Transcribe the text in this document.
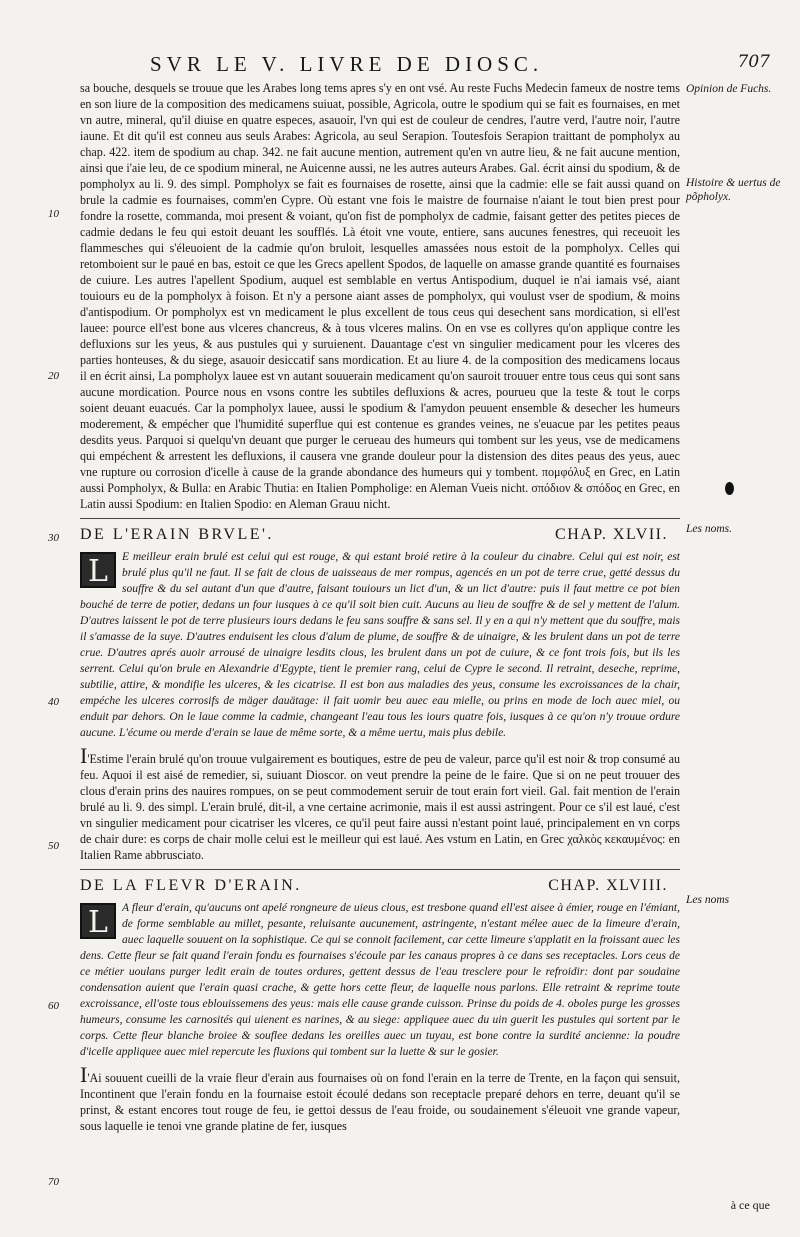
SVR LE V. LIVRE DE DIOSC.	707

sa bouche, desquels se trouue que les Arabes long tems apres s'y en ont vsé. Au reste Fuchs Medecin fameux de nostre tems en son liure de la composition des medicamens suiuat, possible, Agricola, outre le spodium qui se fait es fournaises, en met vn autre, mineral, qu'il diuise en quatre especes, asauoir, l'vn qui est de couleur de cendres, l'autre verd, l'autre noir, l'autre iaune. Et dit qu'il est conneu aus seuls Arabes: Agricola, au seul Serapion. Toutesfois Serapion traittant de pompholyx au chap. 422. item de spodium au chap. 342. ne fait aucune mention, autrement qu'en vn autre lieu, & ne fait aucune mention, ainsi que i'aie leu, de ce spodium mineral, ne Auicenne aussi, ne les autres auteurs Arabes. Gal. écrit ainsi du spodium, & de pompholyx au li. 9. des simpl. Pompholyx se fait es fournaises de rosette, ainsi que la cadmie: elle se fait aussi quand on brule la cadmie es fournaises, comm'en Cypre. Où estant vne fois le maistre de fournaise n'aiant le tout bien prest pour fondre la rosette, commanda, moi present & voiant, qu'on fist de pompholyx de cadmie, faisant getter des petites pieces de cadmie dedans le feu qui estoit deuant les soufflés. Là étoit vne voute, entiere, sans aucunes fenestres, qui receuoit les flammesches qui s'éleuoient de la cadmie qu'on bruloit, lesquelles amassées nous estoit de la pompholyx. Celles qui retomboient sur le paué en bas, estoit ce que les Grecs apellent Spodos, de laquelle on amasse grande quantité es fournaises de cuiure. Les autres l'apellent Spodium, auquel est semblable en vertus Antispodium, duquel ie n'ai iamais vsé, aiant touiours eu de la pompholyx à foison. Et n'y a persone aiant asses de pompholyx, qui voulust vser de spodium, & moins d'antispodium. Or pompholyx est vn medicament le plus excellent de tous ceus qui desechent sans mordication, si ell'est lauee: pource ell'est bone aus vlceres chancreus, & à tous vlceres malins. On en vse es collyres qu'on applique contre les defluxions sur les yeus, & aus pustules qui y suruienent. Dauantage c'est vn singulier medicament pour les vlceres des parties honteuses, & du siege, asauoir desiccatif sans mordication. Et au liure 4. de la composition des medicamens locaus il en écrit ainsi, La pompholyx lauee est vn autant souuerain medicament qu'on sauroit trouuer entre tous ceus qui sont sans aucune mordication. Pource nous en vsons contre les subtiles defluxions & acres, pourueu que la teste & tout le corps soient deuant euacués. Car la pompholyx lauee, aussi le spodium & l'amydon peuuent ensemble & desecher les humeurs moderement, & empécher que l'humidité superflue qui est contenue es grandes veines, ne s'euacue par les petites peaus desdits yeus. Parquoi si quelqu'vn deuant que purger le cerueau des humeurs qui tombent sur les yeus, vse de medicamens qui empéchent & arrestent les defluxions, il causera vne grande douleur pour la distension des dites peaus des yeus, auec vne rupture ou corrosion d'icelle à cause de la grande abondance des humeurs qui y tombent. πομφόλυξ en Grec, en Latin aussi Pompholyx, & Bulla: en Arabic Thutia: en Italien Pompholige: en Aleman Vueis nicht. σπόδιον & σπόδος en Grec, en Latin aussi Spodium: en Italien Spodio: en Aleman Grauu nicht.

DE L'ERAIN BRVLE'.	CHAP. XLVII.
L	E meilleur erain brulé est celui qui est rouge, & qui estant broié retire à la couleur du cinabre. Celui qui est noir, est brulé plus qu'il ne faut. Il se fait de clous de uaisseaus de mer rompus, agencés en un pot de terre crue, getté dessus du souffre & du sel autant d'un que d'autre, faisant touiours un lict d'un, & un lict d'autre: puis il faut mettre ce pot bien bouché de terre de potier, dedans un four iusques à ce qu'il soit bien cuit. Aucuns au lieu de souffre & de sel y mettent de l'alum. D'autres laissent le pot de terre plusieurs iours dedans le feu sans souffre & sans sel. Il y en a qui n'y mettent que du souffre, mais il s'amasse de la suye. D'autres enduisent les clous d'alum de plume, de souffre & de uinaigre, & les brulent dans un pot de terre crue. D'autres aprés auoir arrousé de uinaigre lesdits clous, les brulent dans un pot de cuiure, & ce font trois fois, but ils les serrent. Celui qu'on brule en Alexandrie d'Egypte, tient le premier rang, celui de Cypre le second. Il retraint, deseche, reprime, subtilie, attire, & mondifie les ulceres, & les cicatrise. Il est bon aus maladies des yeus, consume les excroissances de la chair, empéche les ulceres corrosifs de mäger dauätage: il fait uomir beu auec eau mielle, ou prins en mode de loch auec miel, ou enduit par dehors. On le laue comme la cadmie, changeant l'eau tous les iours quatre fois, iusques à ce qu'on n'y trouue ordure aucune. L'écume ou merde d'erain se laue de même sorte, & a même uertu, mais plus debile.

I'Estime l'erain brulé qu'on trouue vulgairement es boutiques, estre de peu de valeur, parce qu'il est noir & trop consumé au feu. Aquoi il est aisé de remedier, si, suiuant Dioscor. on veut prendre la peine de le faire. Que si on ne peut trouuer des clous d'erain prins des nauires rompues, on se peut commodement seruir de tout erain fort vieil. Gal. fait mention de l'erain brulé au li. 9. des simpl. L'erain brulé, dit-il, a vne certaine acrimonie, mais il est aussi astringent. Pour ce s'il est laué, c'est vn singulier medicament pour cicatriser les vlceres, ce qu'il peut faire aussi n'estant point laué, principalement en vn corps de chair dure: es corps de chair molle celui est le meilleur qui est laué. Aes vstum en Latin, en Grec χαλκὸς κεκαυμένος: en Italien Rame abbrusciato.

DE LA FLEVR D'ERAIN.	CHAP. XLVIII.
L	A fleur d'erain, qu'aucuns ont apelé rongneure de uieus clous, est tresbone quand ell'est aisee à émier, rouge en l'émiant, de forme semblable au millet, pesante, reluisante aucunement, astringente, n'estant mélee auec de la limeure d'erain, auec laquelle souuent on la sophistique. Ce qui se connoit facilement, car cette limeure s'applatit en la froissant auec les dens. Cette fleur se fait quand l'erain fondu es fournaises s'écoule par les canaus propres à ce dans ses receptacles. Lors ceus de ce métier uoulans purger ledit erain de toutes ordures, gettent dessus de l'eau tresclere pour le refroidir: dont par soudaine condensation auient que l'erain quasi crache, & gette hors cette fleur, de laquelle nous parlons. Elle retraint & reprime toute excroissance, ell'oste tous eblouissemens des yeus: mais elle cause grande cuisson. Prinse du poids de 4. oboles purge les grosses humeurs, consume les carnosités qui uienent es narines, & au siege: appliquee auec du uin guerit les pustules qui sortent par le corps. Cette fleur blanche broiee & souflee dedans les oreilles auec un tuyau, est bone contre la surdité ancienne: la poudre d'icelle appliquee auec miel repercute les fluxions qui tombent sur la luette & sur le gosier.

I'Ai souuent cueilli de la vraie fleur d'erain aus fournaises où on fond l'erain en la terre de Trente, en la façon qui sensuit, Incontinent que l'erain fondu en la fournaise estoit écoulé dedans son receptacle preparé dehors en terre, deuant qu'il se prinst, & estant encores tout rouge de feu, ie gettoi dessus de l'eau froide, ou soudainement s'éleuoit vne grande vapeur, sous laquelle ie tenoi vne grande platine de fer, iusques

Opinion de Fuchs.
Histoire & uertus de põpholyx.
Les noms.
Les noms
10
20
30
40
50
60
70
à ce que
